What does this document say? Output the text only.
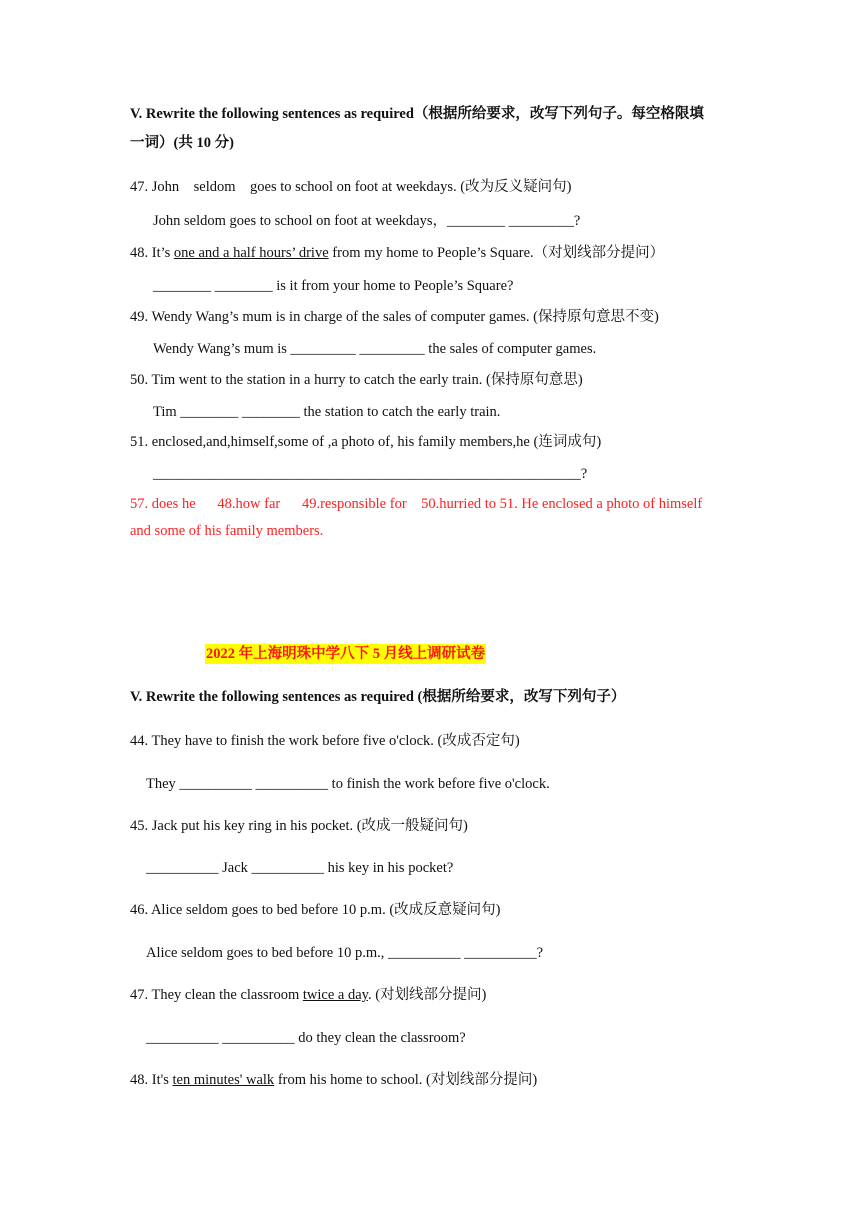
V. Rewrite the following sentences as required（根据所给要求，改写下列句子。每空格限填
一词）(共 10 分)
47. John    seldom    goes to school on foot at weekdays. (改为反义疑问句)
John seldom goes to school on foot at weekdays，________ _________?
48. It’s one and a half hours’ drive from my home to People’s Square.（对划线部分提问）
________ ________ is it from your home to People’s Square?
49. Wendy Wang’s mum is in charge of the sales of computer games. (保持原句意思不变)
Wendy Wang’s mum is _________ _________ the sales of computer games.
50. Tim went to the station in a hurry to catch the early train. (保持原句意思)
Tim ________ ________ the station to catch the early train.
51. enclosed,and,himself,some of ,a photo of, his family members,he (连词成句)
___________________________________________________________?
57. does he      48.how far      49.responsible for    50.hurried to 51. He enclosed a photo of himself
and some of his family members.
2022 年上海明珠中学八下 5 月线上调研试卷
V. Rewrite the following sentences as required (根据所给要求，改写下列句子）
44. They have to finish the work before five o'clock. (改成否定句)
They __________ __________ to finish the work before five o'clock.
45. Jack put his key ring in his pocket. (改成一般疑问句)
__________ Jack __________ his key in his pocket?
46. Alice seldom goes to bed before 10 p.m. (改成反意疑问句)
Alice seldom goes to bed before 10 p.m., __________ __________?
47. They clean the classroom twice a day. (对划线部分提问)
__________ __________ do they clean the classroom?
48. It's ten minutes' walk from his home to school. (对划线部分提问)
